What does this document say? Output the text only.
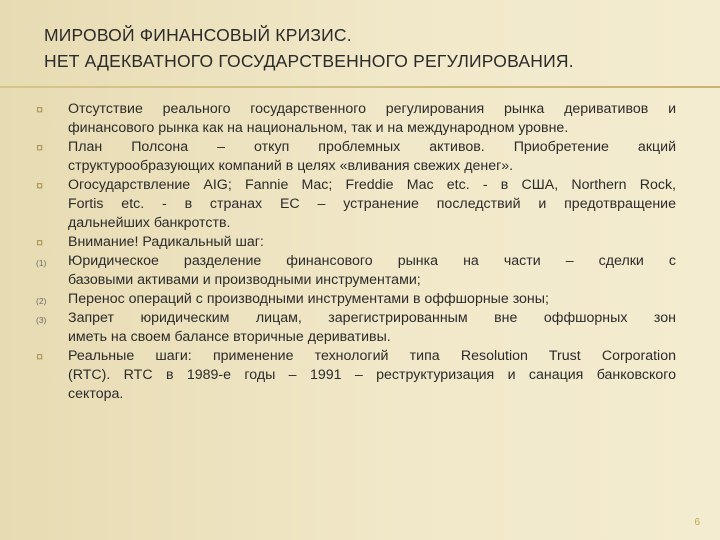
МИРОВОЙ ФИНАНСОВЫЙ КРИЗИС.
НЕТ АДЕКВАТНОГО ГОСУДАРСТВЕННОГО РЕГУЛИРОВАНИЯ.
¤	Отсутствие реального государственного регулирования рынка деривативов и
финансового рынка как на национальном, так и на международном уровне.
¤	План Полсона – откуп проблемных активов. Приобретение акций
структурообразующих компаний в целях «вливания свежих денег».
¤	Огосударствление AIG; Fannie Mac; Freddie Mac etc. - в США, Northern Rock,
Fortis etc. - в странах ЕС – устранение последствий и предотвращение
дальнейших банкротств.
¤	Внимание! Радикальный шаг:
(1)	Юридическое разделение финансового рынка на части – сделки с
базовыми активами и производными инструментами;
(2)	Перенос операций с производными инструментами в оффшорные зоны;
(3)	Запрет юридическим лицам, зарегистрированным вне оффшорных зон
иметь на своем балансе вторичные деривативы.
¤	Реальные шаги: применение технологий типа Resolution Trust Corporation
(RTC). RTC в 1989-е годы – 1991 – реструктуризация и санация банковского
сектора.
6
